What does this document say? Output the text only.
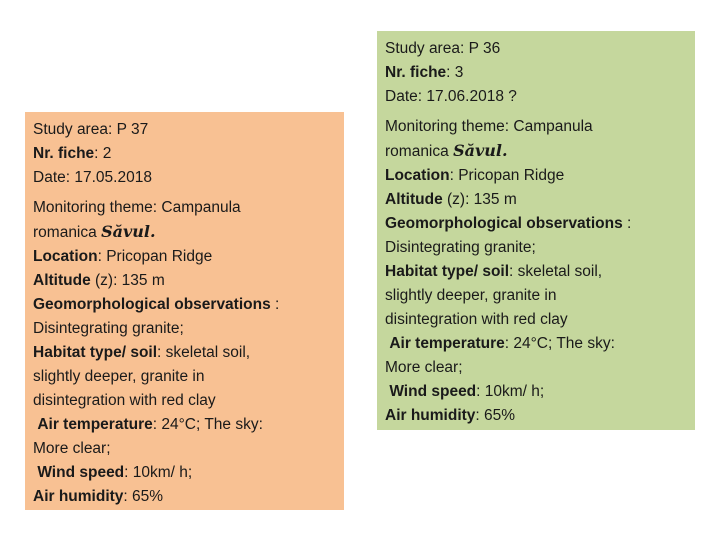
Study area: P 37
Nr. fiche: 2
Date: 17.05.2018
Monitoring theme: Campanula
romanica Săvul.
Location: Pricopan Ridge
Altitude (z): 135 m
Geomorphological observations :
Disintegrating granite;
Habitat type/ soil: skeletal soil,
slightly deeper, granite in
disintegration with red clay
Air temperature: 24°C; The sky:
More clear;
Wind speed: 10km/ h;
Air humidity: 65%
Study area: P 36
Nr. fiche: 3
Date: 17.06.2018 ?
Monitoring theme: Campanula
romanica Săvul.
Location: Pricopan Ridge
Altitude (z): 135 m
Geomorphological observations :
Disintegrating granite;
Habitat type/ soil: skeletal soil,
slightly deeper, granite in
disintegration with red clay
Air temperature: 24°C; The sky:
More clear;
Wind speed: 10km/ h;
Air humidity: 65%
